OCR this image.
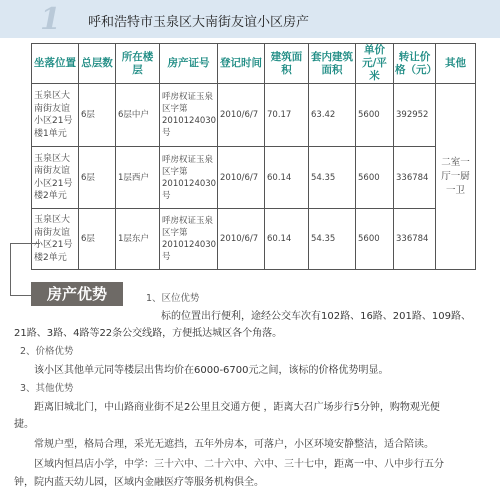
1 呼和浩特市玉泉区大南街友谊小区房产
坐落位置	总层数	所在楼层	房产证号	登记时间	建筑面积	套内建筑面积	单价元/平米	转让价格（元）	其他
玉泉区大南街友谊小区21号楼1单元	6层	6层中户	呼房权证玉泉区字第2010124030号	2010/6/7	70.17	63.42	5600	392952	二室一厅一厨一卫
玉泉区大南街友谊小区21号楼2单元	6层	1层西户	呼房权证玉泉区字第2010124030号	2010/6/7	60.14	54.35	5600	336784	
玉泉区大南街友谊小区21号楼2单元	6层	1层东户	呼房权证玉泉区字第2010124030号	2010/6/7	60.14	54.35	5600	336784	
房产优势	1、区位优势
标的位置出行便利，途经公交车次有102路、16路、201路、109路、
21路、3路、4路等22条公交线路，方便抵达城区各个角落。
2、价格优势
该小区其他单元同等楼层出售均价在6000-6700元之间，该标的价格优势明显。
3、其他优势
距离旧城北门，中山路商业街不足2公里且交通方便 ，距离大召广场步行5分钟，购物观光便
捷。
常规户型，格局合理，采光无遮挡，五年外房本，可落户，小区环境安静整洁，适合陪读。
区域内恒昌店小学，中学：三十六中、二十六中、六中、三十七中，距离一中、八中步行五分
钟，院内蓝天幼儿园，区域内金融医疗等服务机构俱全。
